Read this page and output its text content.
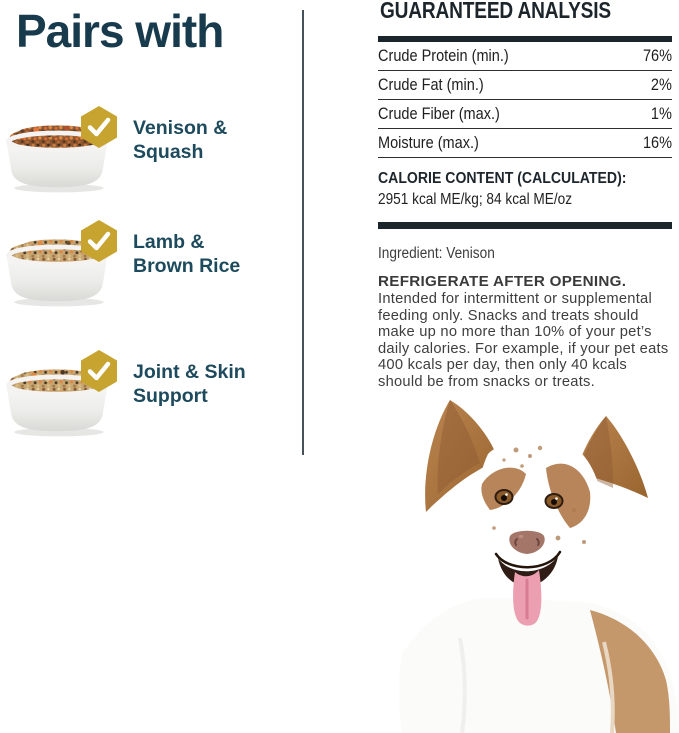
Pairs with
Venison &
Squash
Lamb &
Brown Rice
Joint & Skin
Support
GUARANTEED ANALYSIS
Crude Protein (min.)	76%
Crude Fat (min.)	2%
Crude Fiber (max.)	1%
Moisture (max.)	16%
CALORIE CONTENT (CALCULATED):
2951 kcal ME/kg; 84 kcal ME/oz
Ingredient: Venison
REFRIGERATE AFTER OPENING.
Intended for intermittent or supplemental feeding only. Snacks and treats should make up no more than 10% of your pet’s daily calories. For example, if your pet eats 400 kcals per day, then only 40 kcals should be from snacks or treats.
